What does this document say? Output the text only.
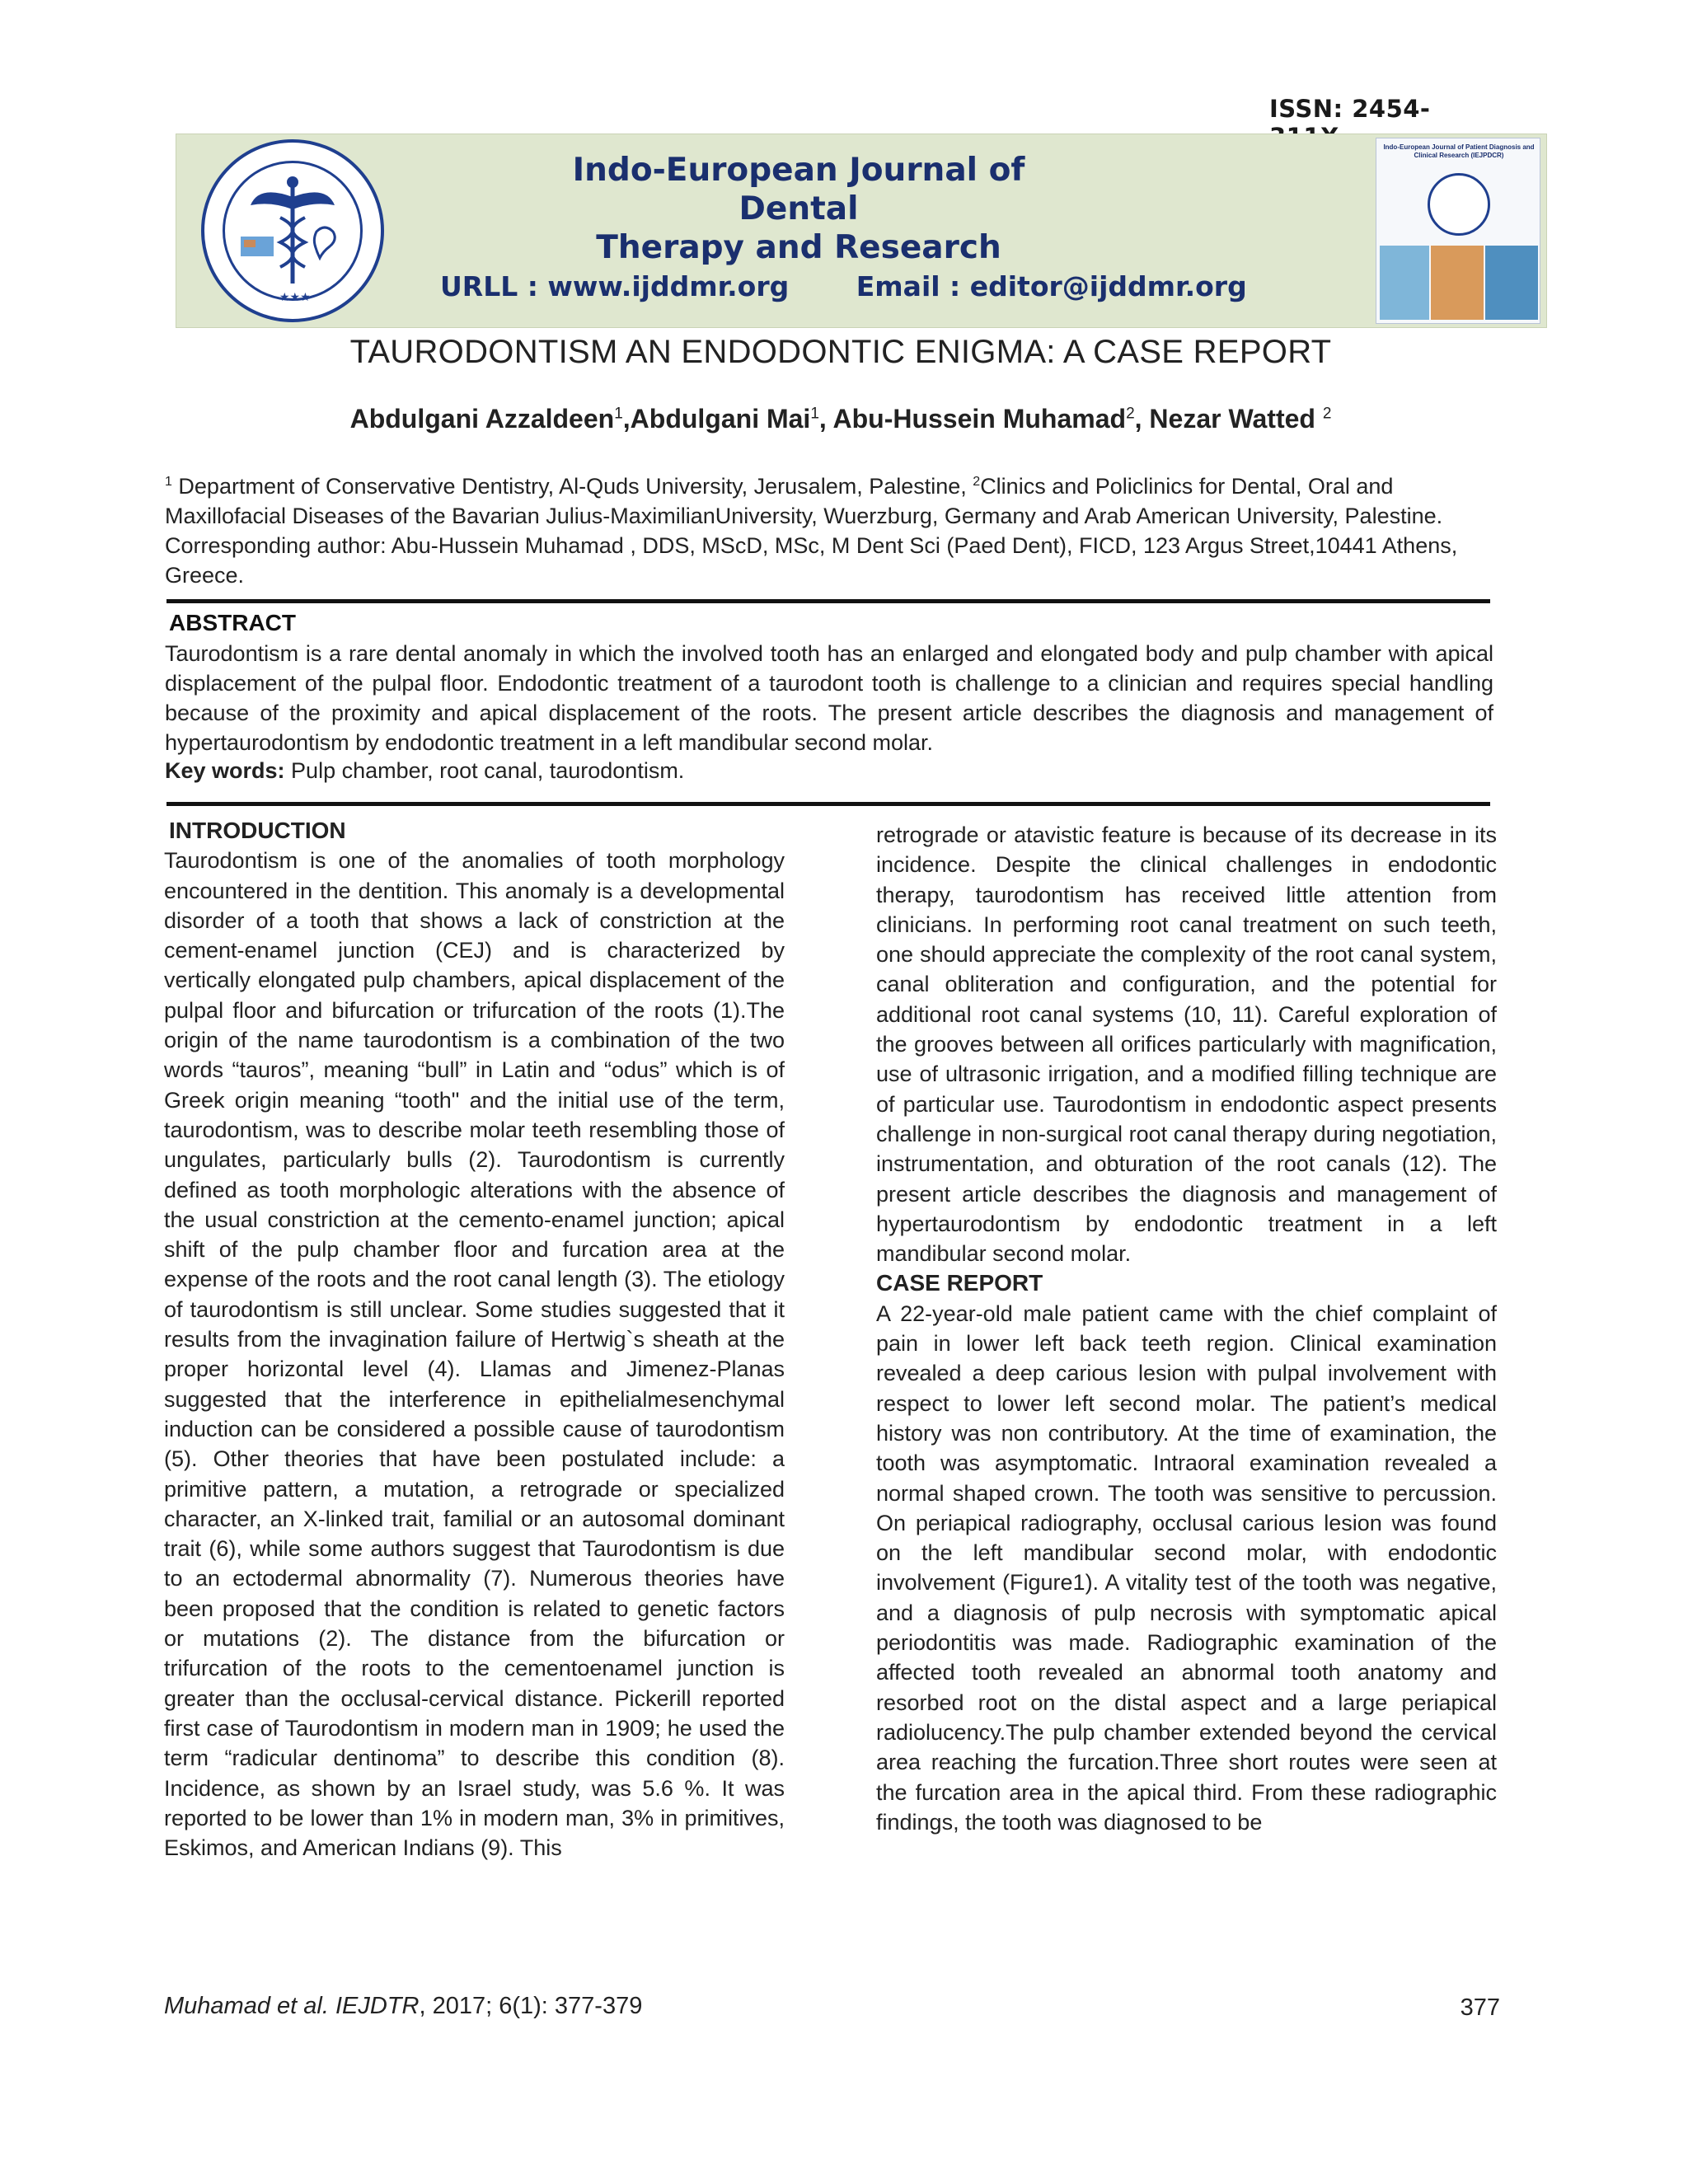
ISSN: 2454-
★★★
Indo-European Journal of Dental
Therapy and Research
URLL : www.ijddmr.org Email : editor@ijddmr.org
Indo-European Journal of Patient Diagnosis and Clinical Research (IEJPDCR)
TAURODONTISM AN ENDODONTIC ENIGMA: A CASE REPORT
Abdulgani Azzaldeen$^1$,Abdulgani Mai$^1$, Abu-Hussein Muhamad$^2$, Nezar Watted $^2$
$^1$ Department of Conservative Dentistry, Al-Quds University, Jerusalem, Palestine, $^2$Clinics and Policlinics for Dental, Oral and Maxillofacial Diseases of the Bavarian Julius-MaximilianUniversity, Wuerzburg, Germany and Arab American University, Palestine. Corresponding author: Abu-Hussein Muhamad , DDS, MScD, MSc, M Dent Sci (Paed Dent), FICD, 123 Argus Street,10441 Athens, Greece.
ABSTRACT
Taurodontism is a rare dental anomaly in which the involved tooth has an enlarged and elongated body and pulp chamber with apical displacement of the pulpal floor. Endodontic treatment of a taurodont tooth is challenge to a clinician and requires special handling because of the proximity and apical displacement of the roots. The present article describes the diagnosis and management of hypertaurodontism by endodontic treatment in a left mandibular second molar.
Key words: Pulp chamber, root canal, taurodontism.
INTRODUCTION

Taurodontism is one of the anomalies of tooth morphology encountered in the dentition. This anomaly is a developmental disorder of a tooth that shows a lack of constriction at the cement-enamel junction (CEJ) and is characterized by vertically elongated pulp chambers, apical displacement of the pulpal floor and bifurcation or trifurcation of the roots (1).The origin of the name taurodontism is a combination of the two words “tauros”, meaning “bull” in Latin and “odus” which is of Greek origin meaning “tooth" and the initial use of the term, taurodontism, was to describe molar teeth resembling those of ungulates, particularly bulls (2). Taurodontism is currently defined as tooth morphologic alterations with the absence of the usual constriction at the cemento-enamel junction; apical shift of the pulp chamber floor and furcation area at the expense of the roots and the root canal length (3). The etiology of taurodontism is still unclear. Some studies suggested that it results from the invagination failure of Hertwig`s sheath at the proper horizontal level (4). Llamas and Jimenez-Planas suggested that the interference in epithelialmesenchymal induction can be considered a possible cause of taurodontism (5). Other theories that have been postulated include: a primitive pattern, a mutation, a retrograde or specialized character, an X-linked trait, familial or an autosomal dominant trait (6), while some authors suggest that Taurodontism is due to an ectodermal abnormality (7). Numerous theories have been proposed that the condition is related to genetic factors or mutations (2). The distance from the bifurcation or trifurcation of the roots to the cementoenamel junction is greater than the occlusal-cervical distance. Pickerill reported first case of Taurodontism in modern man in 1909; he used the term “radicular dentinoma” to describe this condition (8). Incidence, as shown by an Israel study, was 5.6 %. It was reported to be lower than 1% in modern man, 3% in primitives, Eskimos, and American Indians (9). This

retrograde or atavistic feature is because of its decrease in its incidence. Despite the clinical challenges in endodontic therapy, taurodontism has received little attention from clinicians. In performing root canal treatment on such teeth, one should appreciate the complexity of the root canal system, canal obliteration and configuration, and the potential for additional root canal systems (10, 11). Careful exploration of the grooves between all orifices particularly with magnification, use of ultrasonic irrigation, and a modified filling technique are of particular use. Taurodontism in endodontic aspect presents challenge in non-surgical root canal therapy during negotiation, instrumentation, and obturation of the root canals (12). The present article describes the diagnosis and management of hypertaurodontism by endodontic treatment in a left mandibular second molar.

CASE REPORT

A 22-year-old male patient came with the chief complaint of pain in lower left back teeth region. Clinical examination revealed a deep carious lesion with pulpal involvement with respect to lower left second molar. The patient’s medical history was non contributory. At the time of examination, the tooth was asymptomatic. Intraoral examination revealed a normal shaped crown. The tooth was sensitive to percussion. On periapical radiography, occlusal carious lesion was found on the left mandibular second molar, with endodontic involvement (Figure1). A vitality test of the tooth was negative, and a diagnosis of pulp necrosis with symptomatic apical periodontitis was made. Radiographic examination of the affected tooth revealed an abnormal tooth anatomy and resorbed root on the distal aspect and a large periapical radiolucency.The pulp chamber extended beyond the cervical area reaching the furcation.Three short routes were seen at the furcation area in the apical third. From these radiographic findings, the tooth was diagnosed to be

Muhamad et al. IEJDTR, 2017; 6(1): 377-379	377
